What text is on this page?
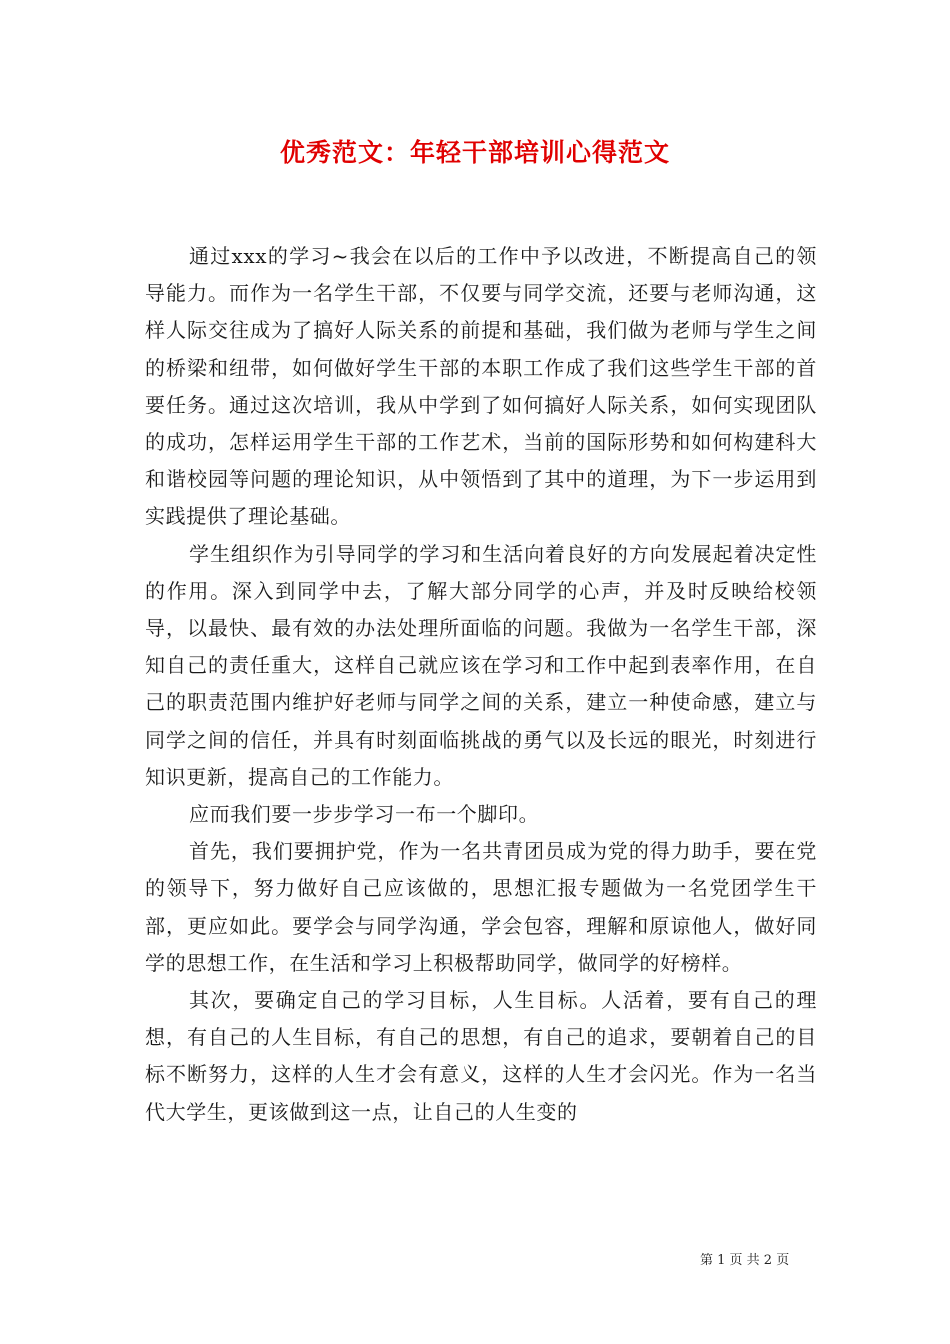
优秀范文：年轻干部培训心得范文

通过xxx的学习~我会在以后的工作中予以改进，不断提高自己的领导能力。而作为一名学生干部，不仅要与同学交流，还要与老师沟通，这样人际交往成为了搞好人际关系的前提和基础，我们做为老师与学生之间的桥梁和纽带，如何做好学生干部的本职工作成了我们这些学生干部的首要任务。通过这次培训，我从中学到了如何搞好人际关系，如何实现团队的成功，怎样运用学生干部的工作艺术，当前的国际形势和如何构建科大和谐校园等问题的理论知识，从中领悟到了其中的道理，为下一步运用到实践提供了理论基础。

学生组织作为引导同学的学习和生活向着良好的方向发展起着决定性的作用。深入到同学中去，了解大部分同学的心声，并及时反映给校领导，以最快、最有效的办法处理所面临的问题。我做为一名学生干部，深知自己的责任重大，这样自己就应该在学习和工作中起到表率作用，在自己的职责范围内维护好老师与同学之间的关系，建立一种使命感，建立与同学之间的信任，并具有时刻面临挑战的勇气以及长远的眼光，时刻进行知识更新，提高自己的工作能力。

应而我们要一步步学习一布一个脚印。

首先，我们要拥护党，作为一名共青团员成为党的得力助手，要在党的领导下，努力做好自己应该做的，思想汇报专题做为一名党团学生干部，更应如此。要学会与同学沟通，学会包容，理解和原谅他人，做好同学的思想工作，在生活和学习上积极帮助同学，做同学的好榜样。

其次，要确定自己的学习目标，人生目标。人活着，要有自己的理想，有自己的人生目标，有自己的思想，有自己的追求，要朝着自己的目标不断努力，这样的人生才会有意义，这样的人生才会闪光。作为一名当代大学生，更该做到这一点，让自己的人生变的

第 1 页 共 2 页
